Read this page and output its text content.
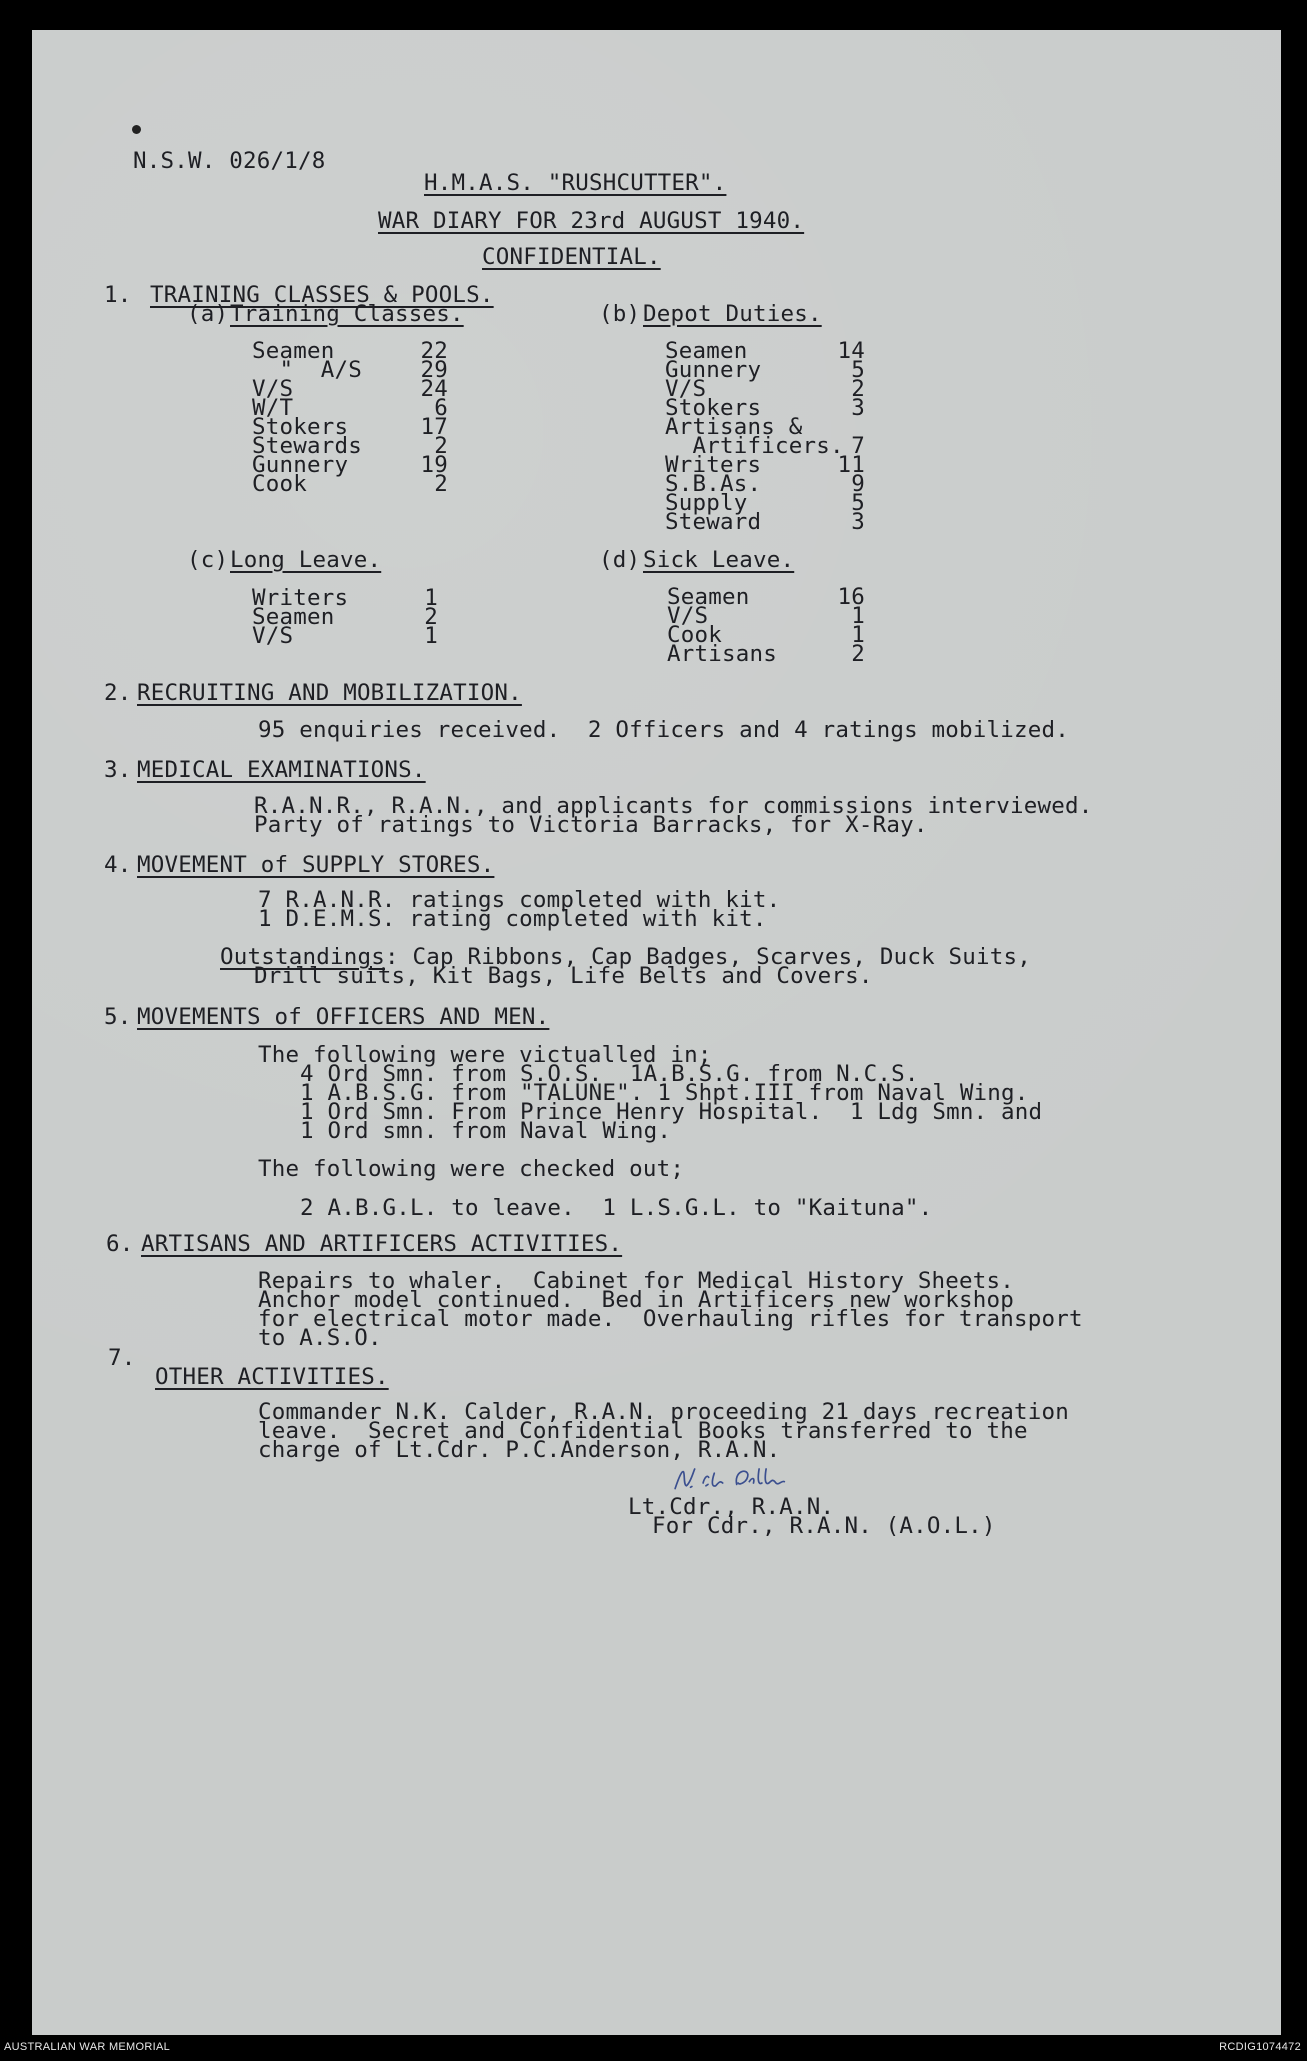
N.S.W. 026/1/8
H.M.A.S. "RUSHCUTTER".
WAR DIARY FOR 23rd AUGUST 1940.
CONFIDENTIAL.
1. TRAINING CLASSES & POOLS.
(a) Training Classes.	(b) Depot Duties.
Seamen	22
"  A/S	29
V/S	24
W/T	6
Stokers	17
Stewards	2
Gunnery	19
Cook	2
Seamen	14
Gunnery	5
V/S	2
Stokers	3
Artisans &
Artificers. 7
Writers	11
S.B.As.	9
Supply	5
Steward	3
(c) Long Leave.	(d) Sick Leave.
Writers	1
Seamen	2
V/S	1
Seamen	16
V/S	1
Cook	1
Artisans	2
2. RECRUITING AND MOBILIZATION.
95 enquiries received.  2 Officers and 4 ratings mobilized.
3. MEDICAL EXAMINATIONS.
R.A.N.R., R.A.N., and applicants for commissions interviewed.
Party of ratings to Victoria Barracks, for X-Ray.
4. MOVEMENT of SUPPLY STORES.
7 R.A.N.R. ratings completed with kit.
1 D.E.M.S. rating completed with kit.
Outstandings: Cap Ribbons, Cap Badges, Scarves, Duck Suits,
Drill suits, Kit Bags, Life Belts and Covers.
5. MOVEMENTS of OFFICERS AND MEN.
The following were victualled in;
4 Ord Smn. from S.O.S.  1A.B.S.G. from N.C.S.
1 A.B.S.G. from "TALUNE". 1 Shpt.III from Naval Wing.
1 Ord Smn. From Prince Henry Hospital.  1 Ldg Smn. and
1 Ord smn. from Naval Wing.
The following were checked out;
2 A.B.G.L. to leave.  1 L.S.G.L. to "Kaituna".
6. ARTISANS AND ARTIFICERS ACTIVITIES.
Repairs to whaler.  Cabinet for Medical History Sheets.
Anchor model continued.  Bed in Artificers new workshop
for electrical motor made.  Overhauling rifles for transport
to A.S.O.
7.
OTHER ACTIVITIES.
Commander N.K. Calder, R.A.N. proceeding 21 days recreation
leave.  Secret and Confidential Books transferred to the
charge of Lt.Cdr. P.C.Anderson, R.A.N.
Lt.Cdr., R.A.N.
For Cdr., R.A.N. (A.O.L.)
AUSTRALIAN WAR MEMORIAL	RCDIG1074472
